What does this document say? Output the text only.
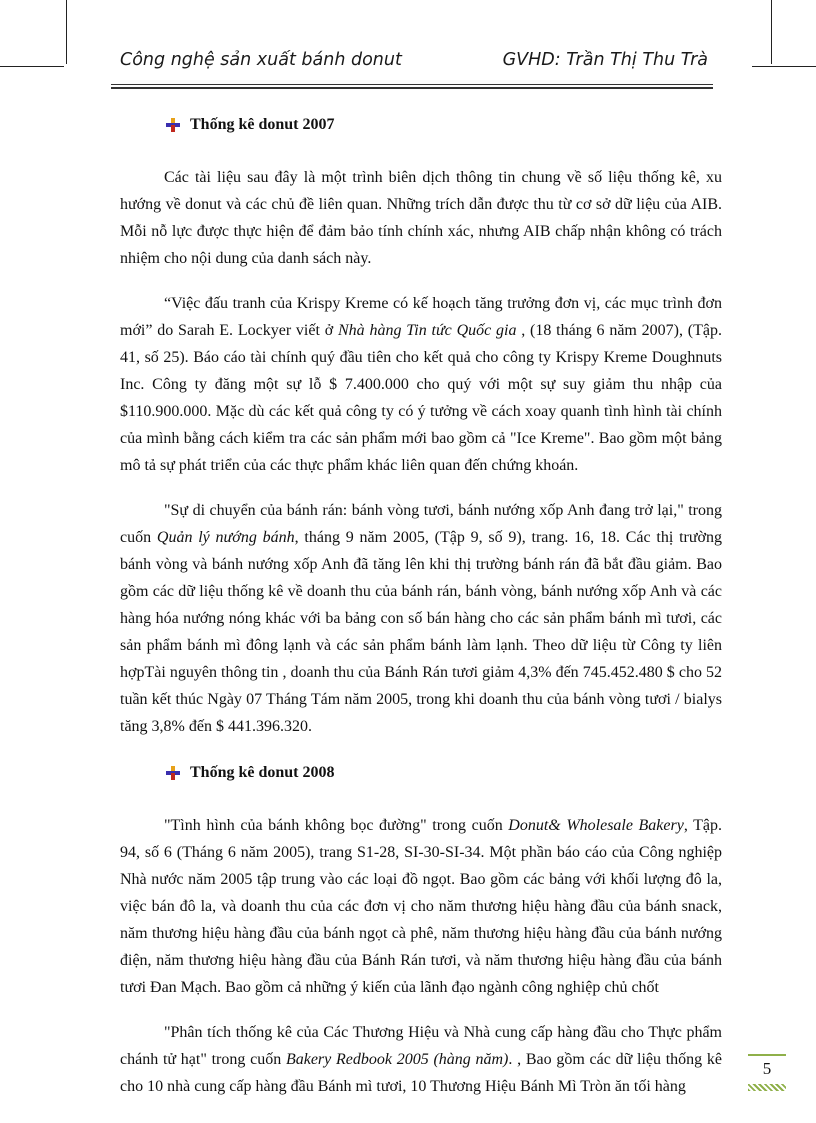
Công nghệ sản xuất bánh donut	GVHD: Trần Thị Thu Trà
Thống kê donut 2007

Các tài liệu sau đây là một trình biên dịch thông tin chung về số liệu thống kê, xu hướng về donut và các chủ đề liên quan. Những trích dẫn được thu từ cơ sở dữ liệu của AIB. Mỗi nỗ lực được thực hiện để đảm bảo tính chính xác, nhưng AIB chấp nhận không có trách nhiệm cho nội dung của danh sách này.

“Việc đấu tranh của Krispy Kreme có kế hoạch tăng trưởng đơn vị, các mục trình đơn mới” do Sarah E. Lockyer viết ở Nhà hàng Tin tức Quốc gia , (18 tháng 6 năm 2007), (Tập. 41, số 25). Báo cáo tài chính quý đầu tiên cho kết quả cho công ty Krispy Kreme Doughnuts Inc. Công ty đăng một sự lỗ $ 7.400.000 cho quý với một sự suy giảm thu nhập của $110.900.000. Mặc dù các kết quả công ty có ý tưởng về cách xoay quanh tình hình tài chính của mình bằng cách kiểm tra các sản phẩm mới bao gồm cả "Ice Kreme". Bao gồm một bảng mô tả sự phát triển của các thực phẩm khác liên quan đến chứng khoán.

"Sự di chuyển của bánh rán: bánh vòng tươi, bánh nướng xốp Anh đang trở lại," trong cuốn Quản lý nướng bánh, tháng 9 năm 2005, (Tập 9, số 9), trang. 16, 18. Các thị trường bánh vòng và bánh nướng xốp Anh đã tăng lên khi thị trường bánh rán đã bắt đầu giảm. Bao gồm các dữ liệu thống kê về doanh thu của bánh rán, bánh vòng, bánh nướng xốp Anh và các hàng hóa nướng nóng khác với ba bảng con số bán hàng cho các sản phẩm bánh mì tươi, các sản phẩm bánh mì đông lạnh và các sản phẩm bánh làm lạnh. Theo dữ liệu từ Công ty liên hợpTài nguyên thông tin , doanh thu của Bánh Rán tươi giảm 4,3% đến 745.452.480 $ cho 52 tuần kết thúc Ngày 07 Tháng Tám năm 2005, trong khi doanh thu của bánh vòng tươi / bialys tăng 3,8% đến $ 441.396.320.

Thống kê donut 2008

"Tình hình của bánh không bọc đường" trong cuốn Donut& Wholesale Bakery, Tập. 94, số 6 (Tháng 6 năm 2005), trang S1-28, SI-30-SI-34. Một phần báo cáo của Công nghiệp Nhà nước năm 2005 tập trung vào các loại đồ ngọt. Bao gồm các bảng với khối lượng đô la, việc bán đô la, và doanh thu của các đơn vị cho năm thương hiệu hàng đầu của bánh snack, năm thương hiệu hàng đầu của bánh ngọt cà phê, năm thương hiệu hàng đầu của bánh nướng điện, năm thương hiệu hàng đầu của Bánh Rán tươi, và năm thương hiệu hàng đầu của bánh tươi Đan Mạch. Bao gồm cả những ý kiến của lãnh đạo ngành công nghiệp chủ chốt

"Phân tích thống kê của Các Thương Hiệu và Nhà cung cấp hàng đầu cho Thực phẩm chánh tử hạt" trong cuốn Bakery Redbook 2005 (hàng năm). , Bao gồm các dữ liệu thống kê cho 10 nhà cung cấp hàng đầu Bánh mì tươi, 10 Thương Hiệu Bánh Mì Tròn ăn tối hàng

5
